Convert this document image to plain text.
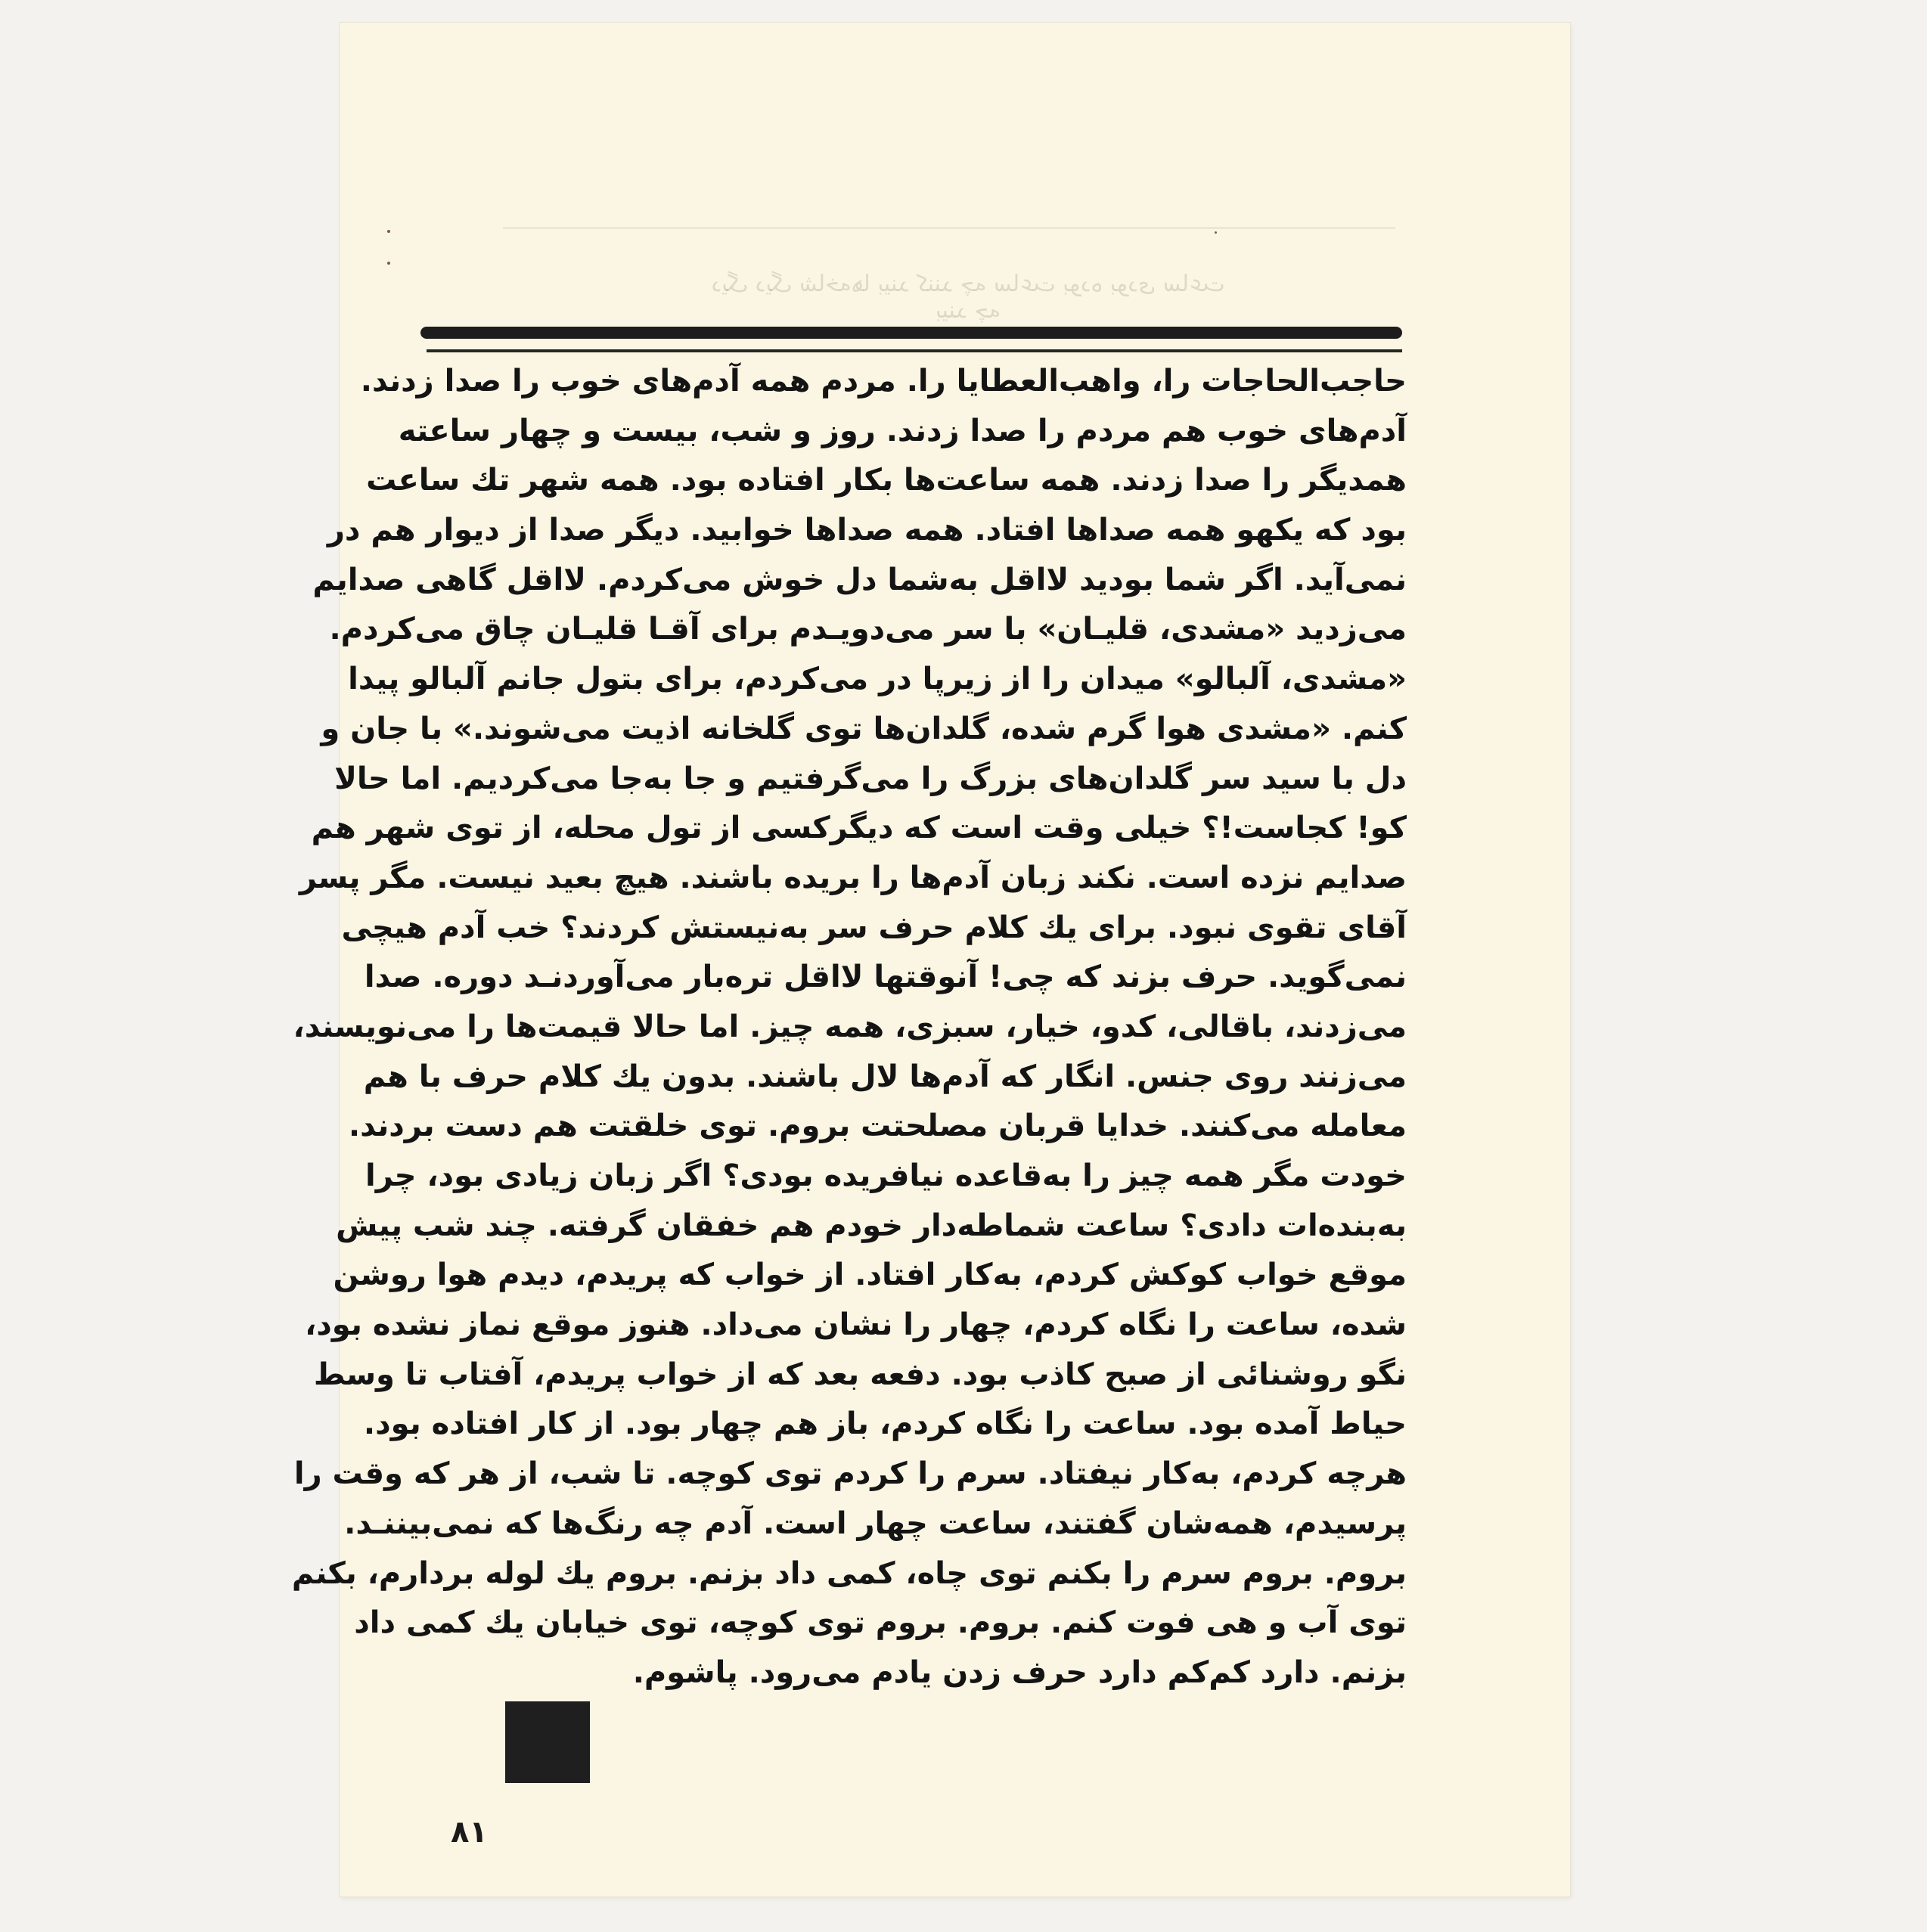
دیگ دیگ شاخه‌ها بیند کنند چه ساعت بوده بودی ساعت بیند چه
حاجب‌الحاجات را، واهب‌العطایا را. مردم همه آدم‌های خوب را صدا زدند.
آدم‌های خوب هم مردم را صدا زدند. روز و شب، بیست و چهار ساعته
همدیگر را صدا زدند. همه ساعت‌ها بکار افتاده بود. همه شهر تك ساعت
بود که یکهو همه صداها افتاد. همه صداها خوابید. دیگر صدا از دیوار هم در
نمی‌آید. اگر شما بودید لااقل به‌شما دل خوش می‌کردم. لااقل گاهی صدایم
می‌زدید «مشدی، قلیـان» با سر می‌دویـدم برای آقـا قلیـان چاق می‌کردم.
«مشدی، آلبالو» میدان را از زیرپا در می‌کردم، برای بتول جانم آلبالو پیدا
کنم. «مشدی هوا گرم شده، گلدان‌ها توی گلخانه اذیت می‌شوند.» با جان و
دل با سید سر گلدان‌های بزرگ را می‌گرفتیم و جا به‌جا می‌کردیم. اما حالا
کو! کجاست!؟ خیلی وقت است که دیگرکسی از تول محله، از توی شهر هم
صدایم نزده است. نکند زبان آدم‌ها را بریده باشند. هیچ بعید نیست. مگر پسر
آقای تقوی نبود. برای یك کلام حرف سر به‌نیستش کردند؟ خب آدم هیچی
نمی‌گوید. حرف بزند که چی! آنوقتها لااقل تره‌بار می‌آوردنـد دوره. صدا
می‌زدند، باقالی، کدو، خیار، سبزی، همه چیز. اما حالا قیمت‌ها را می‌نویسند،
می‌زنند روی جنس. انگار که آدم‌ها لال باشند. بدون یك کلام حرف با هم
معامله می‌کنند. خدایا قربان مصلحتت بروم. توی خلقتت هم دست بردند.
خودت مگر همه چیز را به‌قاعده نیافریده بودی؟ اگر زبان زیادی بود، چرا
به‌بنده‌ات دادی؟ ساعت شماطه‌دار خودم هم خفقان گرفته. چند شب پیش
موقع خواب کوکش کردم، به‌کار افتاد. از خواب که پریدم، دیدم هوا روشن
شده، ساعت را نگاه کردم، چهار را نشان می‌داد. هنوز موقع نماز نشده بود،
نگو روشنائی از صبح کاذب بود. دفعه بعد که از خواب پریدم، آفتاب تا وسط
حیاط آمده بود. ساعت را نگاه کردم، باز هم چهار بود. از کار افتاده بود.
هرچه کردم، به‌کار نیفتاد. سرم را کردم توی کوچه. تا شب، از هر که وقت را
پرسیدم، همه‌شان گفتند، ساعت چهار است. آدم چه رنگ‌ها که نمی‌بیننـد.
بروم. بروم سرم را بکنم توی چاه، کمی داد بزنم. بروم یك لوله بردارم، بکنم
توی آب و هی فوت کنم. بروم. بروم توی کوچه، توی خیابان یك کمی داد
بزنم. دارد کم‌کم دارد حرف زدن یادم می‌رود. پاشوم.
۸۱
